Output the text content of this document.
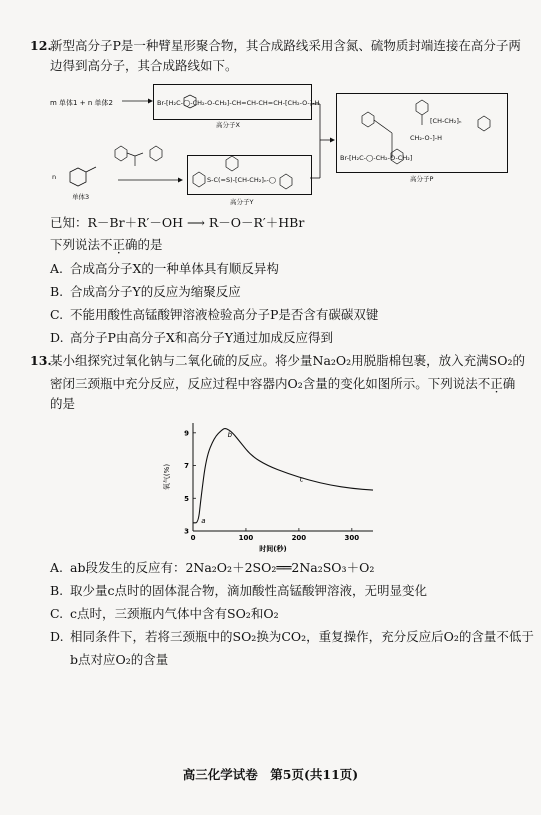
12.
新型高分子P是一种臂星形聚合物，其合成路线采用含氮、硫物质封端连接在高分子两
边得到高分子，其合成路线如下。
m 单体1 + n 单体2	Br-[H₂C-◯-CH₂-O-CH₂]-CH=CH-CH=CH-[CH₂-O-]-H
高分子X
n
单体3
S-C(=S)-[CH-CH₂]ₙ-◯
高分子Y
[CH-CH₂]ₙ
CH₂-O-]-H
Br-[H₂C-◯-CH₂-O-CH₂]
高分子P
已知：R－Br＋R′－OH ⟶ R－O－R′＋HBr
下列说法不正确的是
A. 合成高分子X的一种单体具有顺反异构
B. 合成高分子Y的反应为缩聚反应
C. 不能用酸性高锰酸钾溶液检验高分子P是否含有碳碳双键
D. 高分子P由高分子X和高分子Y通过加成反应得到
13.
某小组探究过氧化钠与二氧化硫的反应。将少量Na₂O₂用脱脂棉包裹，放入充满SO₂的
密闭三颈瓶中充分反应，反应过程中容器内O₂含量的变化如图所示。下列说法不正确
的是
0	100	200	300
3
5
7
9
a
b
c
时间(秒)
氧气(%)
A. ab段发生的反应有：2Na₂O₂＋2SO₂══2Na₂SO₃＋O₂
B. 取少量c点时的固体混合物，滴加酸性高锰酸钾溶液，无明显变化
C. c点时，三颈瓶内气体中含有SO₂和O₂
D. 相同条件下，若将三颈瓶中的SO₂换为CO₂，重复操作，充分反应后O₂的含量不低于
b点对应O₂的含量
高三化学试卷　第5页(共11页)
